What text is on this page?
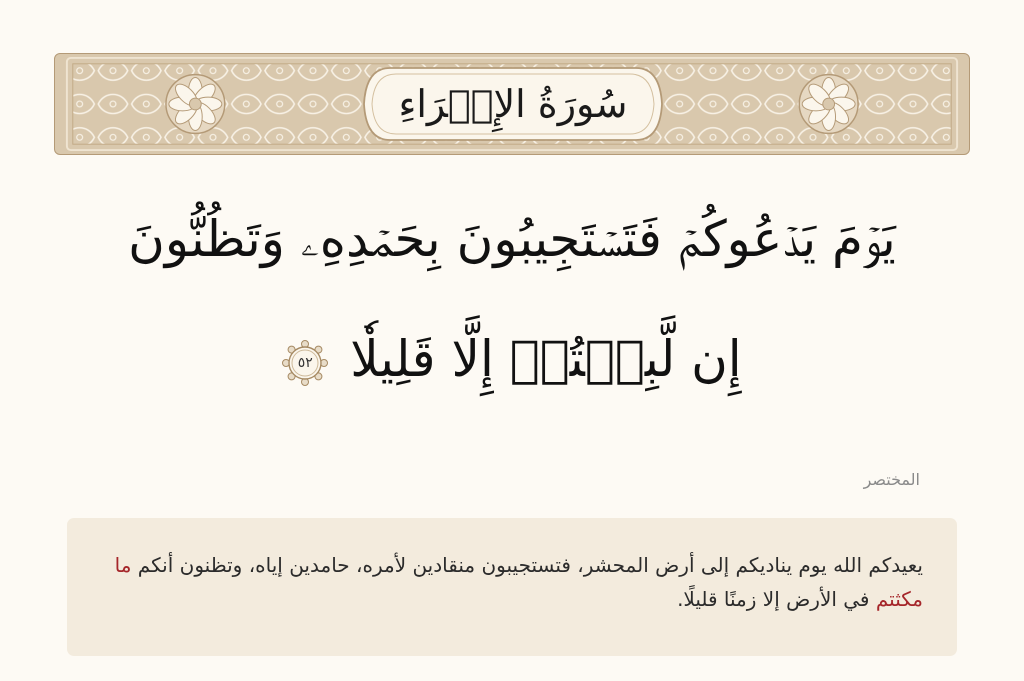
سُورَةُ الإِسۡرَاءِ
يَوۡمَ يَدۡعُوكُمۡ فَتَسۡتَجِيبُونَ بِحَمۡدِهِۦ وَتَظُنُّونَ
إِن لَّبِثۡتُمۡ إِلَّا قَلِيلٗا
٥٢
المختصر

يعيدكم الله يوم يناديكم إلى أرض المحشر، فتستجيبون منقادين لأمره، حامدين إياه، وتظنون أنكم ما مكثتم في الأرض إلا زمنًا قليلًا.
